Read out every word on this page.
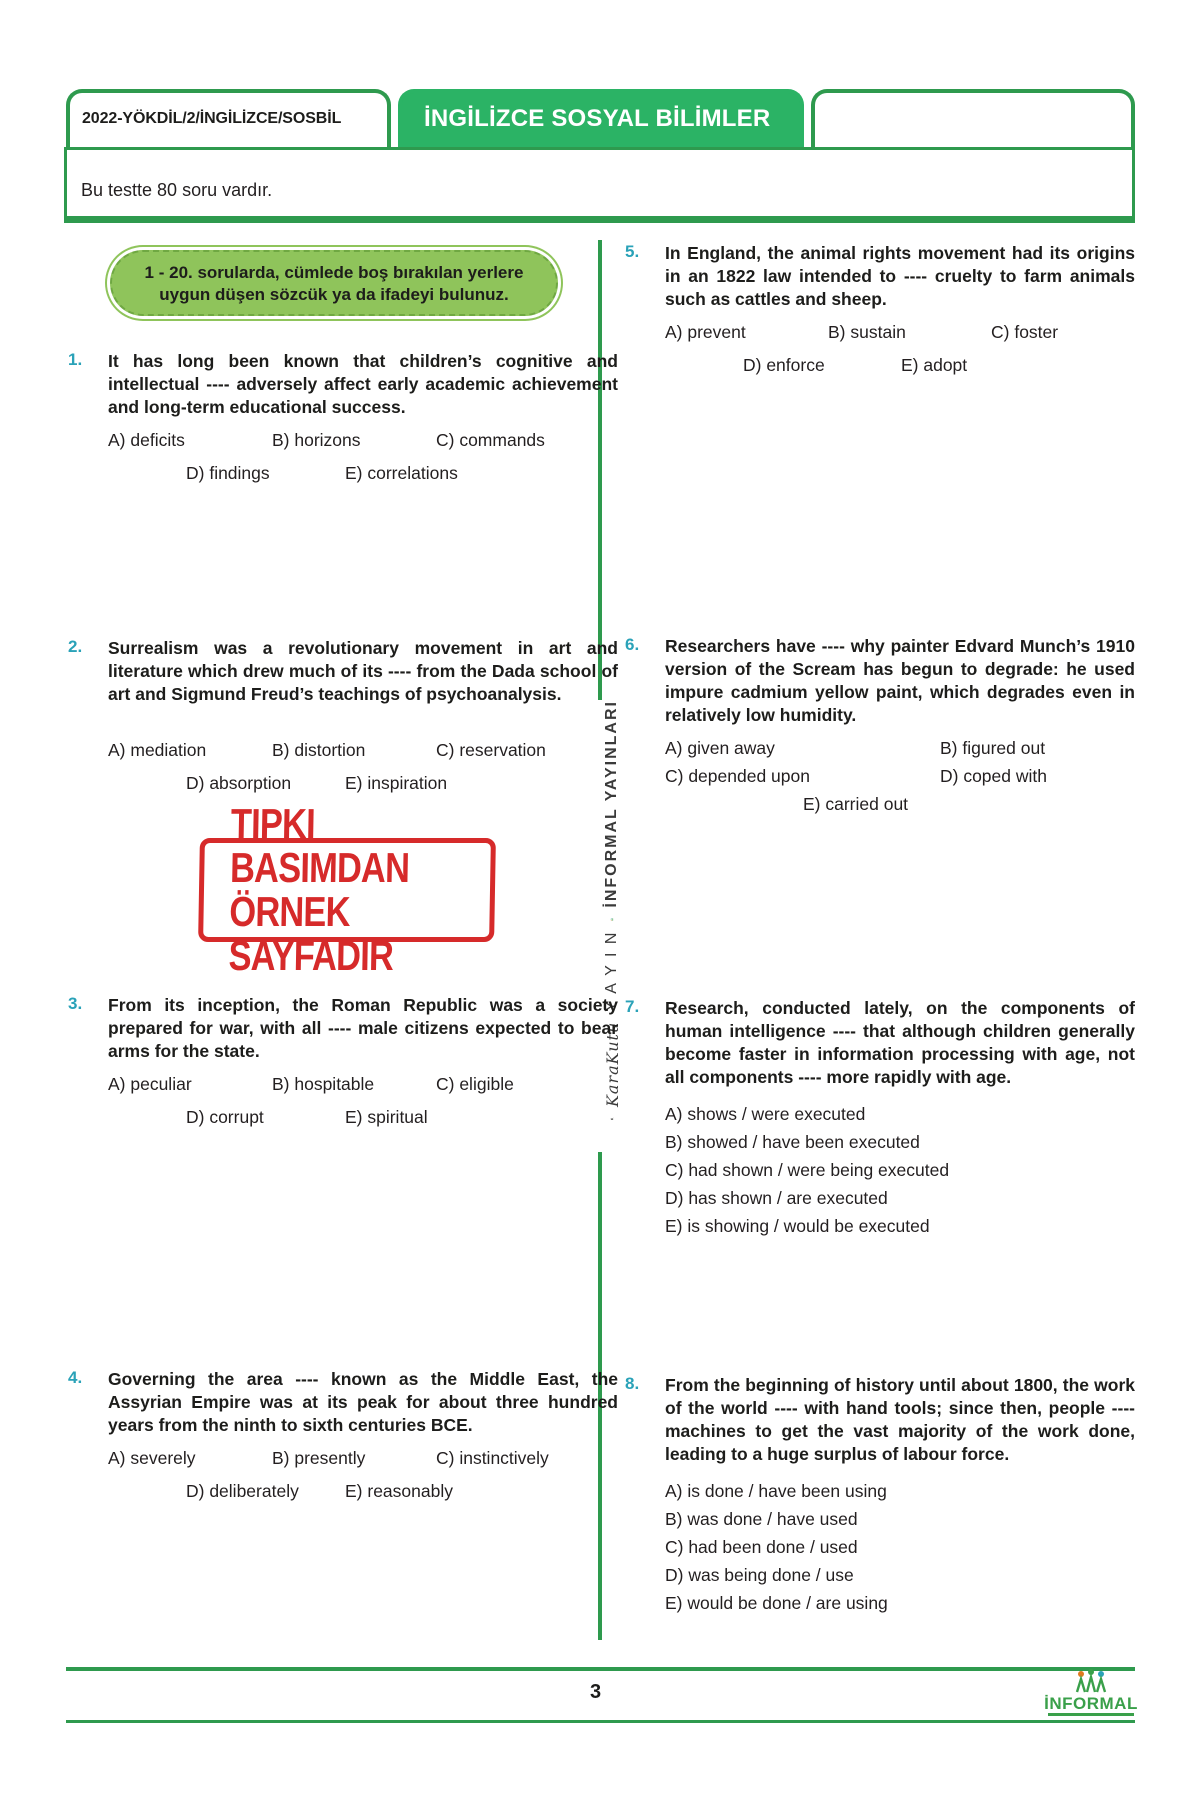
2022-YÖKDİL/2/İNGİLİZCE/SOSBİL	İNGİLİZCE SOSYAL BİLİMLER
Bu testte 80 soru vardır.
KaraKutu
Y A Y I N
İNFORMAL YAYINLARI
1 - 20. sorularda, cümlede boş bırakılan yerlere
uygun düşen sözcük ya da ifadeyi bulunuz.
1. It has long been known that children’s cognitive and intellectual ---- adversely affect early academic achievement and long-term educational success.
A) deficits	B) horizons	C) commands
D) findings	E) correlations
2. Surrealism was a revolutionary movement in art and literature which drew much of its ---- from the Dada school of art and Sigmund Freud’s teachings of psychoanalysis.
A) mediation	B) distortion	C) reservation
D) absorption	E) inspiration
TIPKI BASIMDAN
ÖRNEK SAYFADIR
3. From its inception, the Roman Republic was a society prepared for war, with all ---- male citizens expected to bear arms for the state.
A) peculiar	B) hospitable	C) eligible
D) corrupt	E) spiritual
4. Governing the area ---- known as the Middle East, the Assyrian Empire was at its peak for about three hundred years from the ninth to sixth centuries BCE.
A) severely	B) presently	C) instinctively
D) deliberately	E) reasonably
5. In England, the animal rights movement had its origins in an 1822 law intended to ---- cruelty to farm animals such as cattles and sheep.
A) prevent	B) sustain	C) foster
D) enforce	E) adopt
6. Researchers have ---- why painter Edvard Munch’s 1910 version of the Scream has begun to degrade: he used impure cadmium yellow paint, which degrades even in relatively low humidity.
A) given away	B) figured out
C) depended upon	D) coped with
E) carried out
7. Research, conducted lately, on the components of human intelligence ---- that although children generally become faster in information processing with age, not all components ---- more rapidly with age.
A) shows / were executed
B) showed / have been executed
C) had shown / were being executed
D) has shown / are executed
E) is showing / would be executed
8. From the beginning of history until about 1800, the work of the world ---- with hand tools; since then, people ---- machines to get the vast majority of the work done, leading to a huge surplus of labour force.
A) is done / have been using
B) was done / have used
C) had been done / used
D) was being done / use
E) would be done / are using
3
İNFORMAL
